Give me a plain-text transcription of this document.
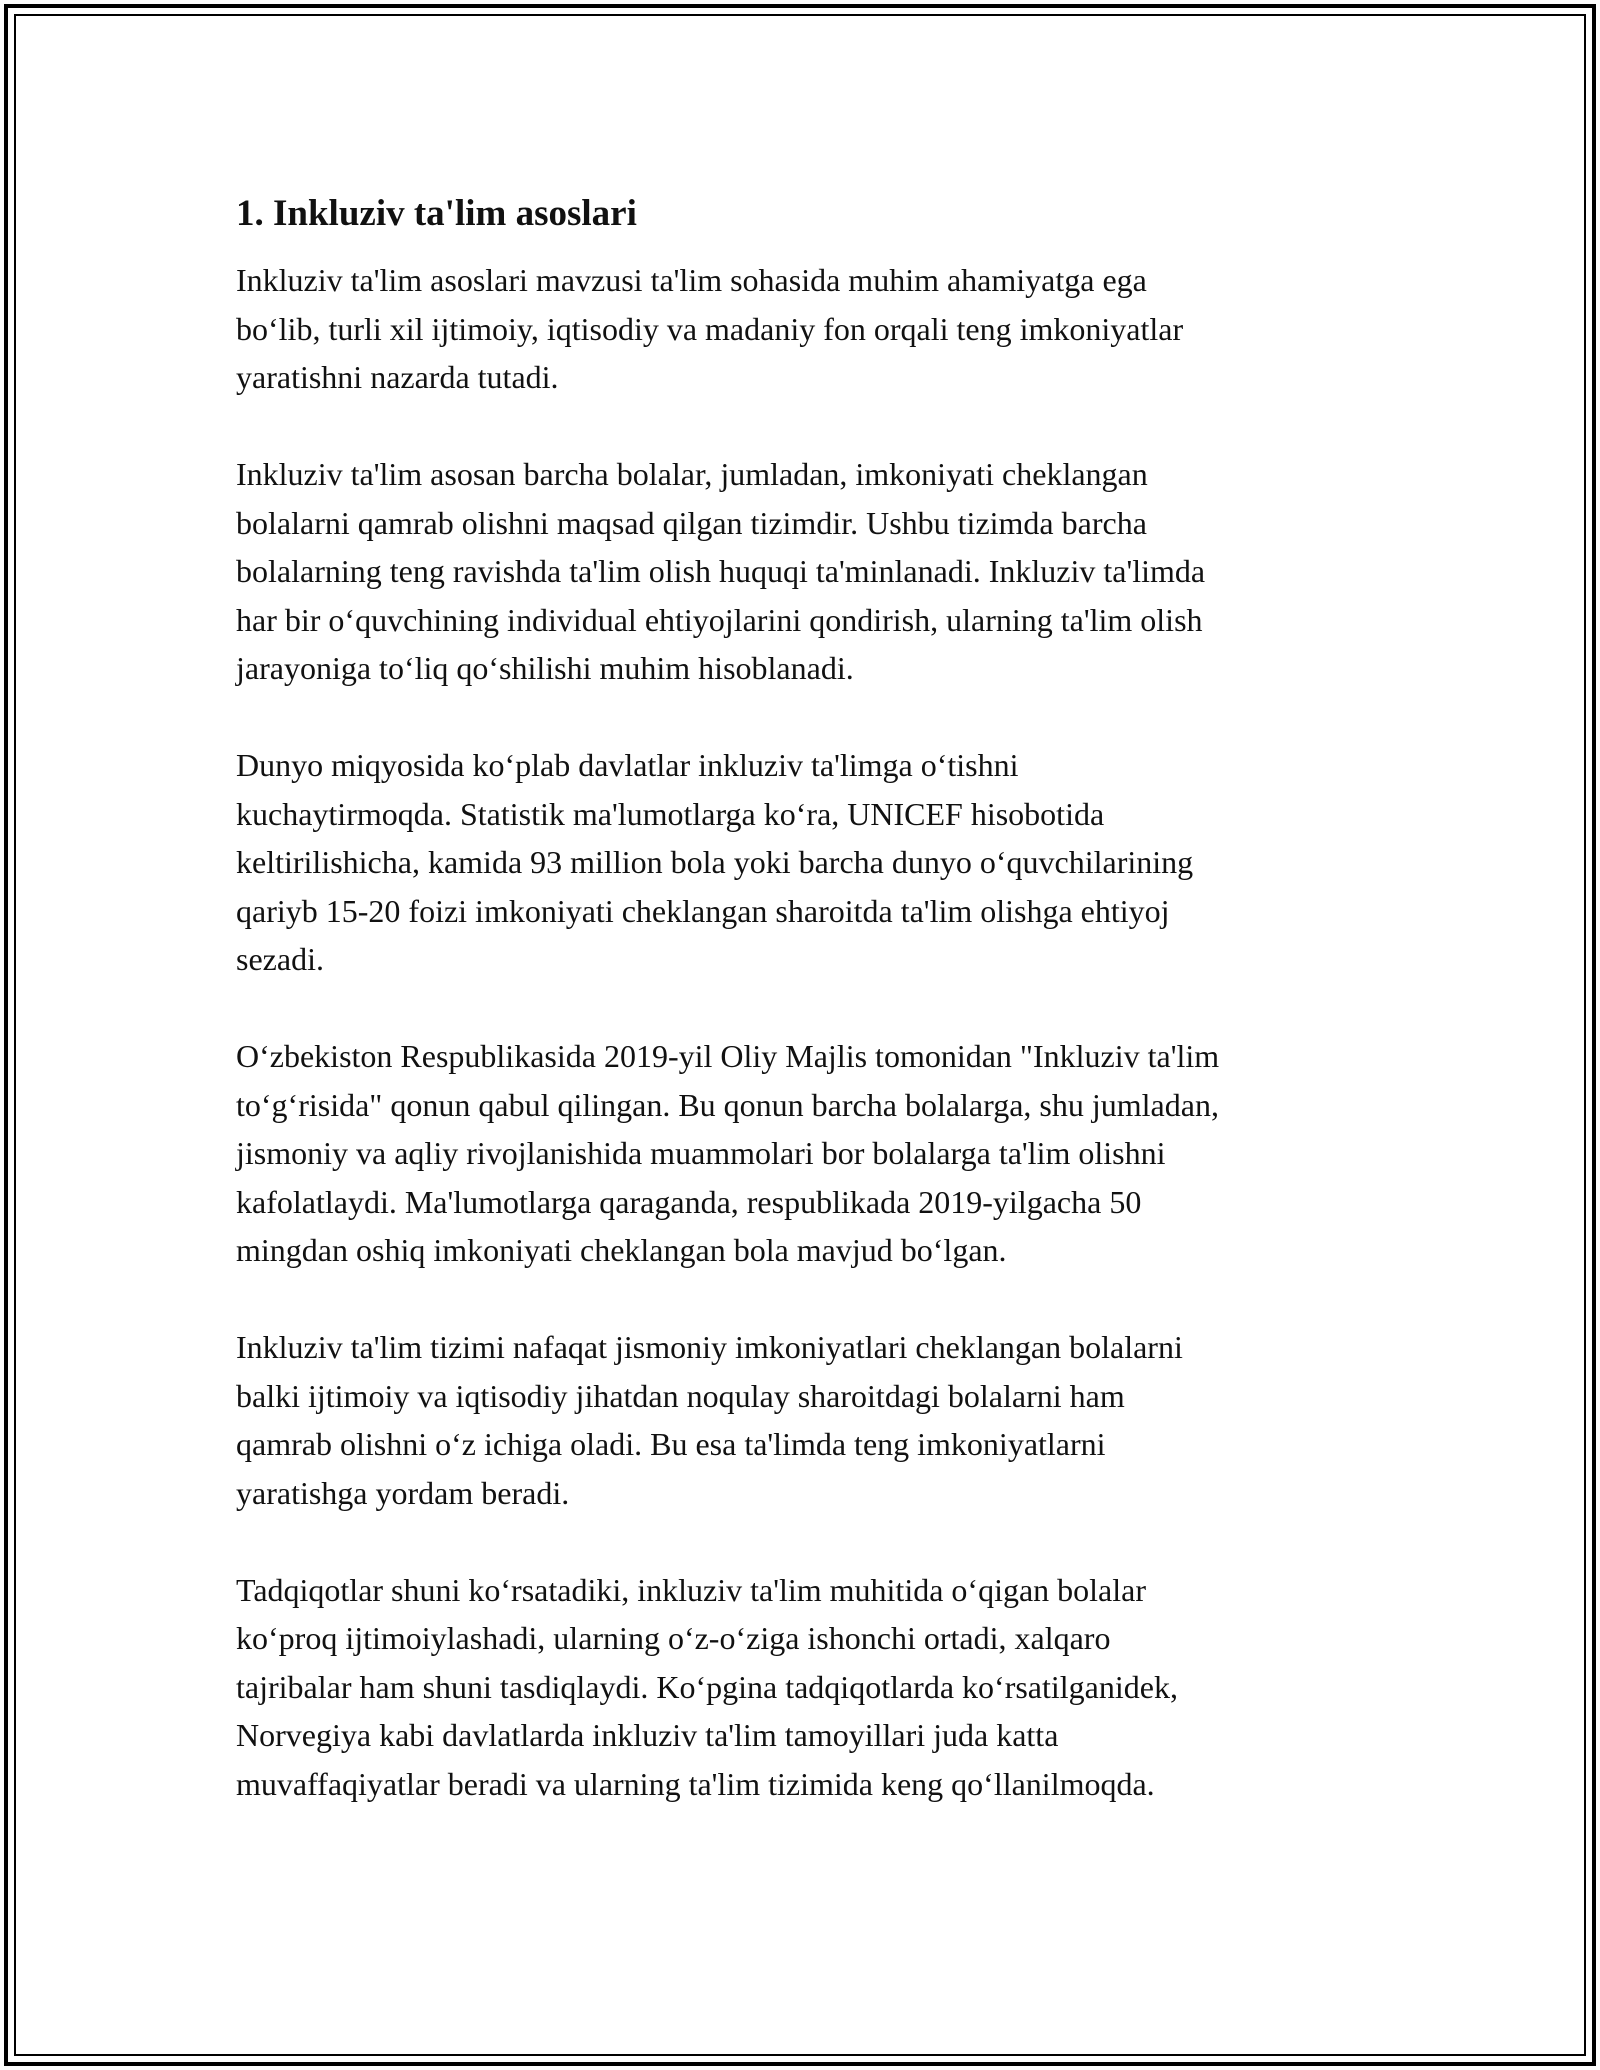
1. Inkluziv ta'lim asoslari
Inkluziv ta'lim asoslari mavzusi ta'lim sohasida muhim ahamiyatga ega
bo‘lib, turli xil ijtimoiy, iqtisodiy va madaniy fon orqali teng imkoniyatlar
yaratishni nazarda tutadi.
Inkluziv ta'lim asosan barcha bolalar, jumladan, imkoniyati cheklangan
bolalarni qamrab olishni maqsad qilgan tizimdir. Ushbu tizimda barcha
bolalarning teng ravishda ta'lim olish huquqi ta'minlanadi. Inkluziv ta'limda
har bir o‘quvchining individual ehtiyojlarini qondirish, ularning ta'lim olish
jarayoniga to‘liq qo‘shilishi muhim hisoblanadi.
Dunyo miqyosida ko‘plab davlatlar inkluziv ta'limga o‘tishni
kuchaytirmoqda. Statistik ma'lumotlarga ko‘ra, UNICEF hisobotida
keltirilishicha, kamida 93 million bola yoki barcha dunyo o‘quvchilarining
qariyb 15-20 foizi imkoniyati cheklangan sharoitda ta'lim olishga ehtiyoj
sezadi.
O‘zbekiston Respublikasida 2019-yil Oliy Majlis tomonidan "Inkluziv ta'lim
to‘g‘risida" qonun qabul qilingan. Bu qonun barcha bolalarga, shu jumladan,
jismoniy va aqliy rivojlanishida muammolari bor bolalarga ta'lim olishni
kafolatlaydi. Ma'lumotlarga qaraganda, respublikada 2019-yilgacha 50
mingdan oshiq imkoniyati cheklangan bola mavjud bo‘lgan.
Inkluziv ta'lim tizimi nafaqat jismoniy imkoniyatlari cheklangan bolalarni
balki ijtimoiy va iqtisodiy jihatdan noqulay sharoitdagi bolalarni ham
qamrab olishni o‘z ichiga oladi. Bu esa ta'limda teng imkoniyatlarni
yaratishga yordam beradi.
Tadqiqotlar shuni ko‘rsatadiki, inkluziv ta'lim muhitida o‘qigan bolalar
ko‘proq ijtimoiylashadi, ularning o‘z-o‘ziga ishonchi ortadi, xalqaro
tajribalar ham shuni tasdiqlaydi. Ko‘pgina tadqiqotlarda ko‘rsatilganidek,
Norvegiya kabi davlatlarda inkluziv ta'lim tamoyillari juda katta
muvaffaqiyatlar beradi va ularning ta'lim tizimida keng qo‘llanilmoqda.
